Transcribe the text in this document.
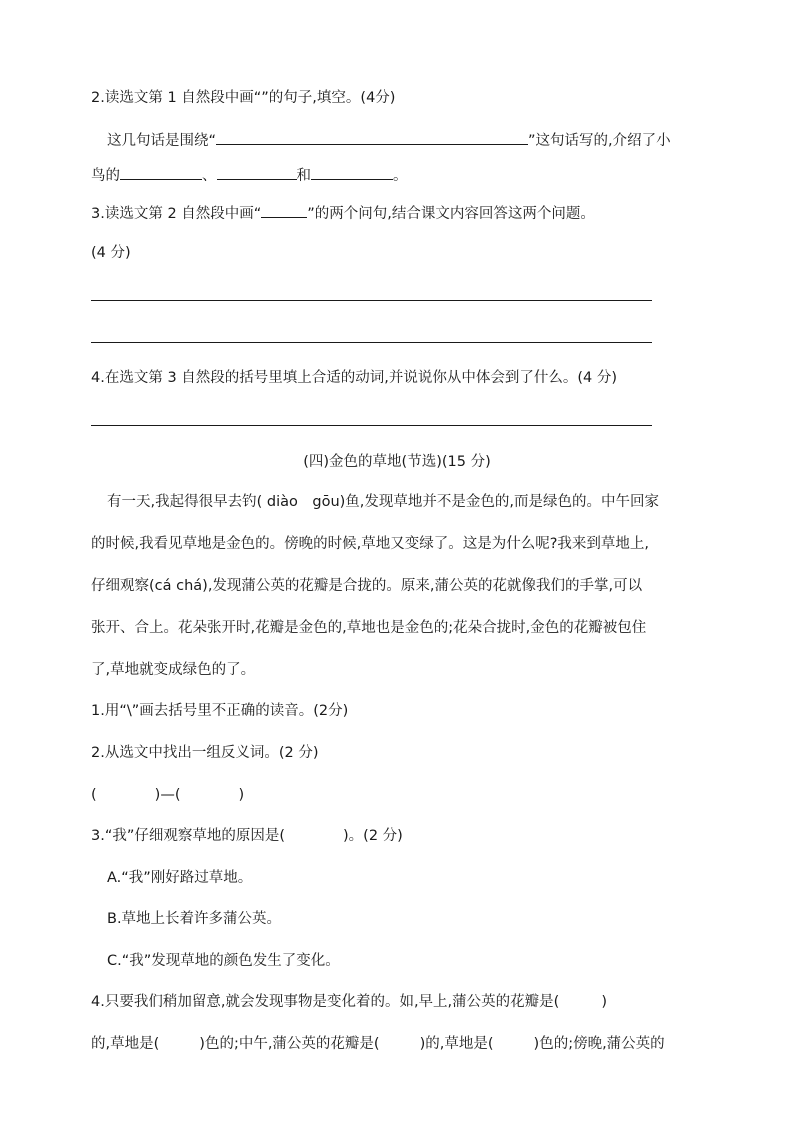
2.读选文第 1 自然段中画“”的句子,填空。(4分)
这几句话是围绕“	”这句话写的,介绍了小
鸟的	、	和	。
3.读选文第 2 自然段中画“	”的两个问句,结合课文内容回答这两个问题。
(4 分)
4.在选文第 3 自然段的括号里填上合适的动词,并说说你从中体会到了什么。(4 分)
(四)金色的草地(节选)(15 分)
有一天,我起得很早去钓( diào　gōu)鱼,发现草地并不是金色的,而是绿色的。中午回家
的时候,我看见草地是金色的。傍晚的时候,草地又变绿了。这是为什么呢?我来到草地上,
仔细观察(cá chá),发现蒲公英的花瓣是合拢的。原来,蒲公英的花就像我们的手掌,可以
张开、合上。花朵张开时,花瓣是金色的,草地也是金色的;花朵合拢时,金色的花瓣被包住
了,草地就变成绿色的了。
1.用“\”画去括号里不正确的读音。(2分)
2.从选文中找出一组反义词。(2 分)
(	)—(	)
3.“我”仔细观察草地的原因是(	)。(2 分)
A.“我”刚好路过草地。
B.草地上长着许多蒲公英。
C.“我”发现草地的颜色发生了变化。
4.只要我们稍加留意,就会发现事物是变化着的。如,早上,蒲公英的花瓣是(	)
的,草地是(	)色的;中午,蒲公英的花瓣是(	)的,草地是(	)色的;傍晚,蒲公英的
